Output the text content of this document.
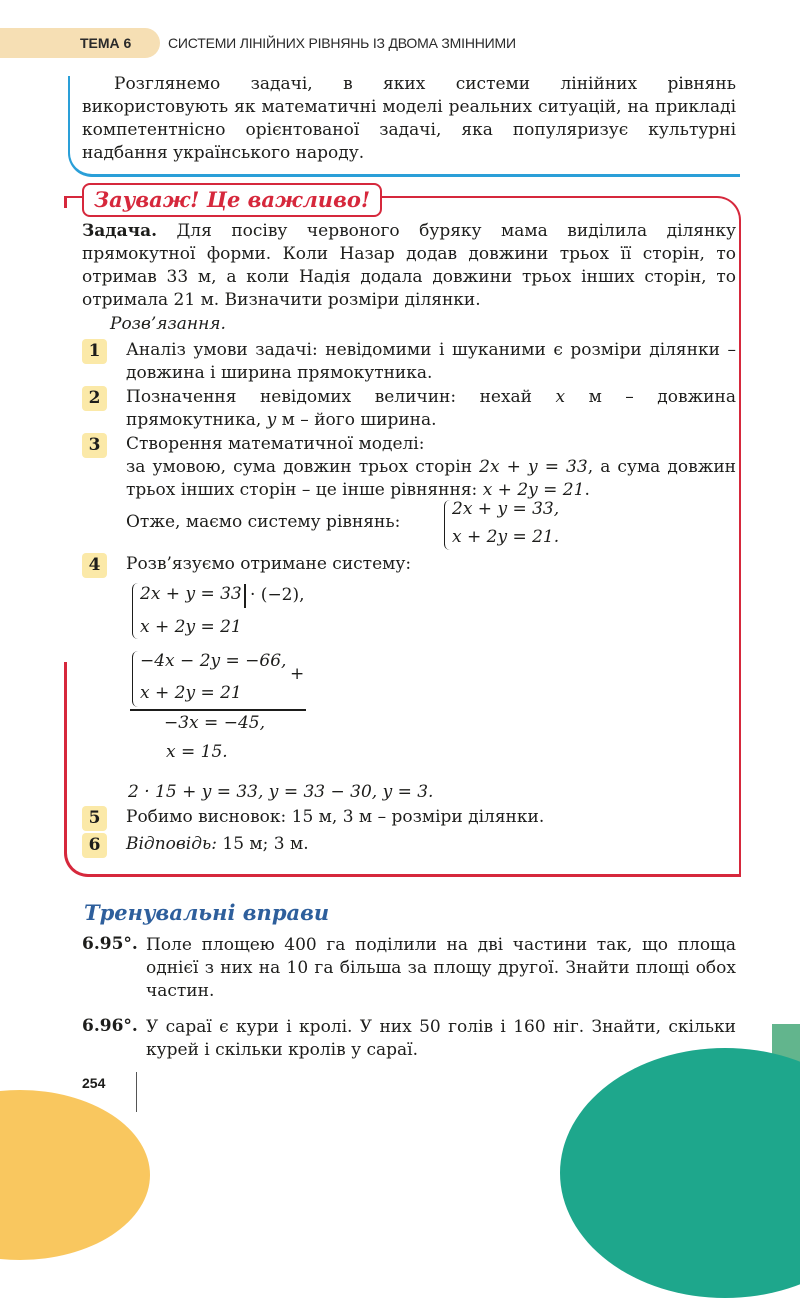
ТЕМА 6	СИСТЕМИ ЛІНІЙНИХ РІВНЯНЬ ІЗ ДВОМА ЗМІННИМИ
Розглянемо задачі, в яких системи лінійних рівнянь використовують як математичні моделі реальних ситуацій, на прикладі компетентнісно орієнтованої задачі, яка популяризує культурні надбання українського народу.
Зауваж! Це важливо!
Задача. Для посіву червоного буряку мама виділила ділянку прямокутної форми. Коли Назар додав довжини трьох її сторін, то отримав 33 м, а коли Надія додала довжини трьох інших сторін, то отримала 21 м. Визначити розміри ділянки.
Розв’язання.
1	Аналіз умови задачі: невідомими і шуканими є розміри ділянки – довжина і ширина прямокутника.
2	Позначення невідомих величин: нехай x м – довжина прямокутника, y м – його ширина.
3	Створення математичної моделі:
за умовою, сума довжин трьох сторін 2x + y = 33, а сума довжин трьох інших сторін – це інше рівняння: x + 2y = 21.
Отже, маємо систему рівнянь:
2x + y = 33,
x + 2y = 21.
4	Розв’язуємо отримане систему:
2x + y = 33 · (−2),
x + 2y = 21
−4x − 2y = −66,
x + 2y = 21
+
−3x = −45,
x = 15.
2 · 15 + y = 33, y = 33 − 30, y = 3.
5	Робимо висновок: 15 м, 3 м – розміри ділянки.
6	Відповідь: 15 м; 3 м.
Тренувальні вправи
6.95°. Поле площею 400 га поділили на дві частини так, що площа однієї з них на 10 га більша за площу другої. Знайти площі обох частин.
6.96°. У сараї є кури і кролі. У них 50 голів і 160 ніг. Знайти, скільки курей і скільки кролів у сараї.
254
